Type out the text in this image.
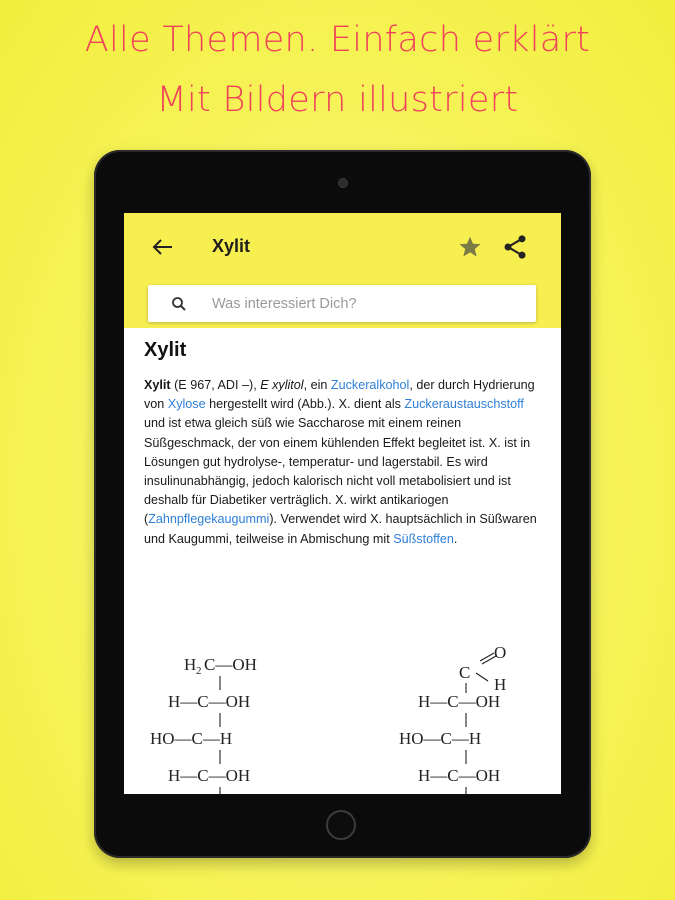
Alle Themen. Einfach erklärt
Mit Bildern illustriert
Xylit
Was interessiert Dich?
Xylit

Xylit (E 967, ADI –), E xylitol, ein Zuckeralkohol, der durch Hydrierung von Xylose hergestellt wird (Abb.). X. dient als Zuckeraustauschstoff und ist etwa gleich süß wie Saccharose mit einem reinen Süßgeschmack, der von einem kühlenden Effekt begleitet ist. X. ist in Lösungen gut hydrolyse-, temperatur- und lagerstabil. Es wird insulinunabhängig, jedoch kalorisch nicht voll metabolisiert und ist deshalb für Diabetiker verträglich. X. wirkt antikariogen (Zahnpflegekaugummi). Verwendet wird X. hauptsächlich in Süßwaren und Kaugummi, teilweise in Abmischung mit Süßstoffen.

H 2 C—OH
H—C—OH
HO—C—H
H—C—OH
O
C
H
H—C—OH
HO—C—H
H—C—OH
